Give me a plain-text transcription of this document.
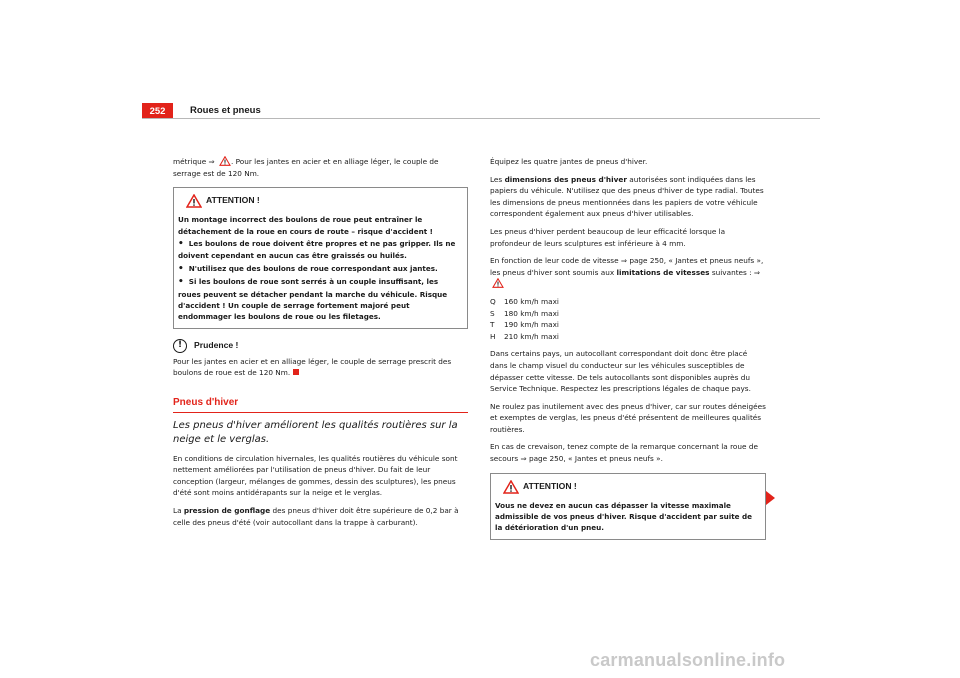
252	Roues et pneus

métrique ⇒ . Pour les jantes en acier et en alliage léger, le couple de serrage est de 120 Nm.

ATTENTION !

Un montage incorrect des boulons de roue peut entraîner le détachement de la roue en cours de route – risque d'accident !

• Les boulons de roue doivent être propres et ne pas gripper. Ils ne doivent cependant en aucun cas être graissés ou huilés.

• N'utilisez que des boulons de roue correspondant aux jantes.

• Si les boulons de roue sont serrés à un couple insuffisant, les roues peuvent se détacher pendant la marche du véhicule. Risque d'accident ! Un couple de serrage fortement majoré peut endommager les boulons de roue ou les filetages.

!	Prudence !

Pour les jantes en acier et en alliage léger, le couple de serrage prescrit des boulons de roue est de 120 Nm.

Pneus d'hiver
Les pneus d'hiver améliorent les qualités routières sur la neige et le verglas.

En conditions de circulation hivernales, les qualités routières du véhicule sont nettement améliorées par l'utilisation de pneus d'hiver. Du fait de leur conception (largeur, mélanges de gommes, dessin des sculptures), les pneus d'été sont moins antidérapants sur la neige et le verglas.

La pression de gonflage des pneus d'hiver doit être supérieure de 0,2 bar à celle des pneus d'été (voir autocollant dans la trappe à carburant).

Équipez les quatre jantes de pneus d'hiver.

Les dimensions des pneus d'hiver autorisées sont indiquées dans les papiers du véhicule. N'utilisez que des pneus d'hiver de type radial. Toutes les dimensions de pneus mentionnées dans les papiers de votre véhicule correspondent également aux pneus d'hiver utilisables.

Les pneus d'hiver perdent beaucoup de leur efficacité lorsque la profondeur de leurs sculptures est inférieure à 4 mm.

En fonction de leur code de vitesse ⇒ page 250, « Jantes et pneus neufs », les pneus d'hiver sont soumis aux limitations de vitesses suivantes : ⇒

Q	160 km/h maxi
S	180 km/h maxi
T	190 km/h maxi
H	210 km/h maxi

Dans certains pays, un autocollant correspondant doit donc être placé dans le champ visuel du conducteur sur les véhicules susceptibles de dépasser cette vitesse. De tels autocollants sont disponibles auprès du Service Technique. Respectez les prescriptions légales de chaque pays.

Ne roulez pas inutilement avec des pneus d'hiver, car sur routes déneigées et exemptes de verglas, les pneus d'été présentent de meilleures qualités routières.

En cas de crevaison, tenez compte de la remarque concernant la roue de secours ⇒ page 250, « Jantes et pneus neufs ».

ATTENTION !

Vous ne devez en aucun cas dépasser la vitesse maximale admissible de vos pneus d'hiver. Risque d'accident par suite de la détérioration d'un pneu.

carmanualsonline.info
